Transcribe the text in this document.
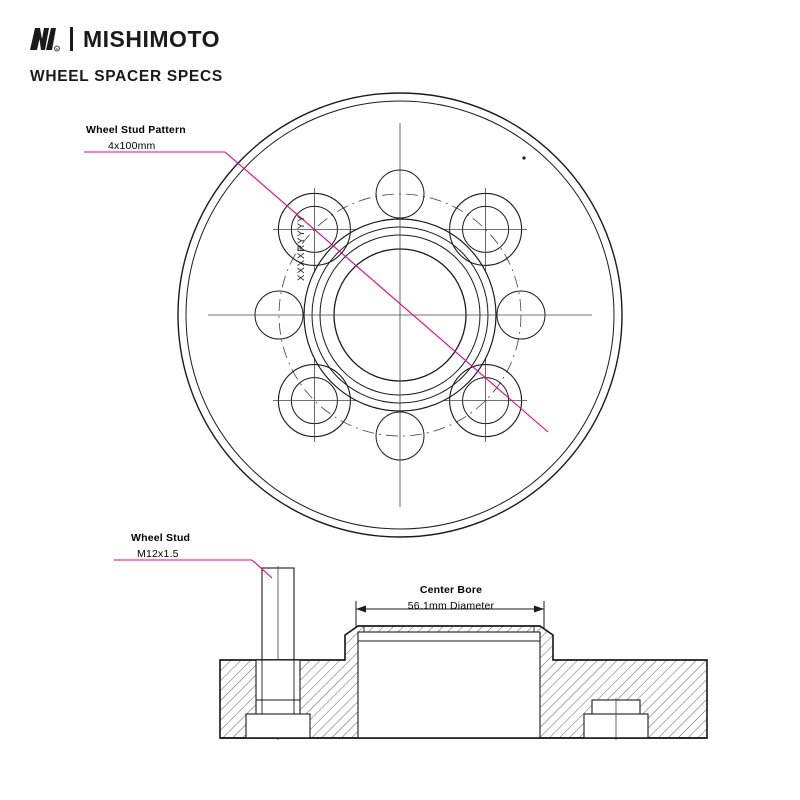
R MISHIMOTO
WHEEL SPACER SPECS
Wheel Stud Pattern
4x100mm
Wheel Stud
M12x1.5
Center Bore
56.1mm Diameter
XXXXRYYYY
